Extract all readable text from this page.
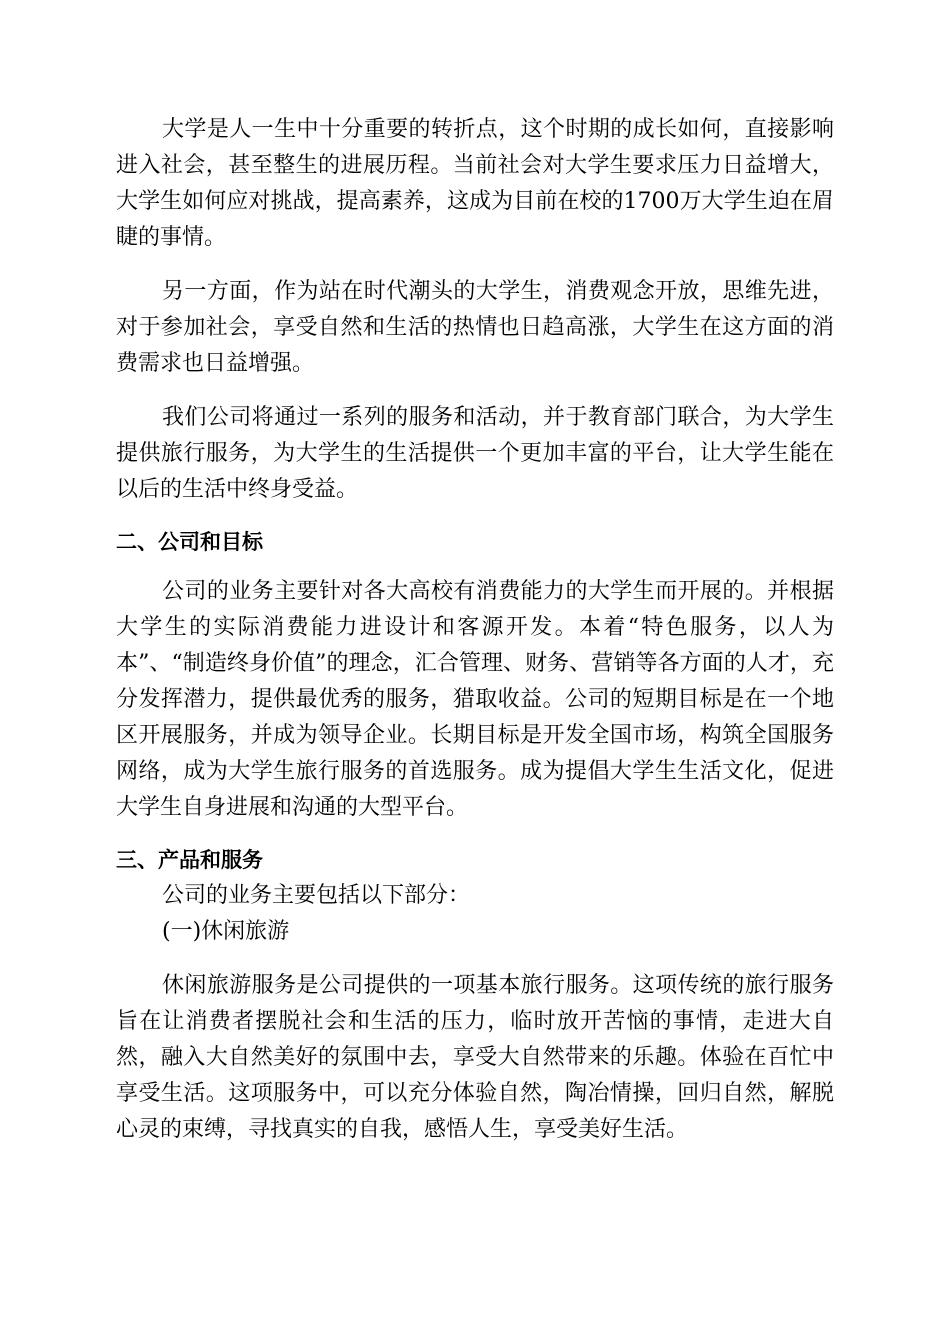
大学是人一生中十分重要的转折点，这个时期的成长如何，直接影响进入社会，甚至整生的进展历程。当前社会对大学生要求压力日益增大，大学生如何应对挑战，提高素养，这成为目前在校的1700万大学生迫在眉睫的事情。

另一方面，作为站在时代潮头的大学生，消费观念开放，思维先进，对于参加社会，享受自然和生活的热情也日趋高涨，大学生在这方面的消费需求也日益增强。

我们公司将通过一系列的服务和活动，并于教育部门联合，为大学生提供旅行服务，为大学生的生活提供一个更加丰富的平台，让大学生能在以后的生活中终身受益。

二、公司和目标

公司的业务主要针对各大高校有消费能力的大学生而开展的。并根据大学生的实际消费能力进设计和客源开发。本着“特色服务，以人为本”、“制造终身价值”的理念，汇合管理、财务、营销等各方面的人才，充分发挥潜力，提供最优秀的服务，猎取收益。公司的短期目标是在一个地区开展服务，并成为领导企业。长期目标是开发全国市场，构筑全国服务网络，成为大学生旅行服务的首选服务。成为提倡大学生生活文化，促进大学生自身进展和沟通的大型平台。

三、产品和服务

公司的业务主要包括以下部分：

(一)休闲旅游

休闲旅游服务是公司提供的一项基本旅行服务。这项传统的旅行服务旨在让消费者摆脱社会和生活的压力，临时放开苦恼的事情，走进大自然，融入大自然美好的氛围中去，享受大自然带来的乐趣。体验在百忙中享受生活。这项服务中，可以充分体验自然，陶冶情操，回归自然，解脱心灵的束缚，寻找真实的自我，感悟人生，享受美好生活。
